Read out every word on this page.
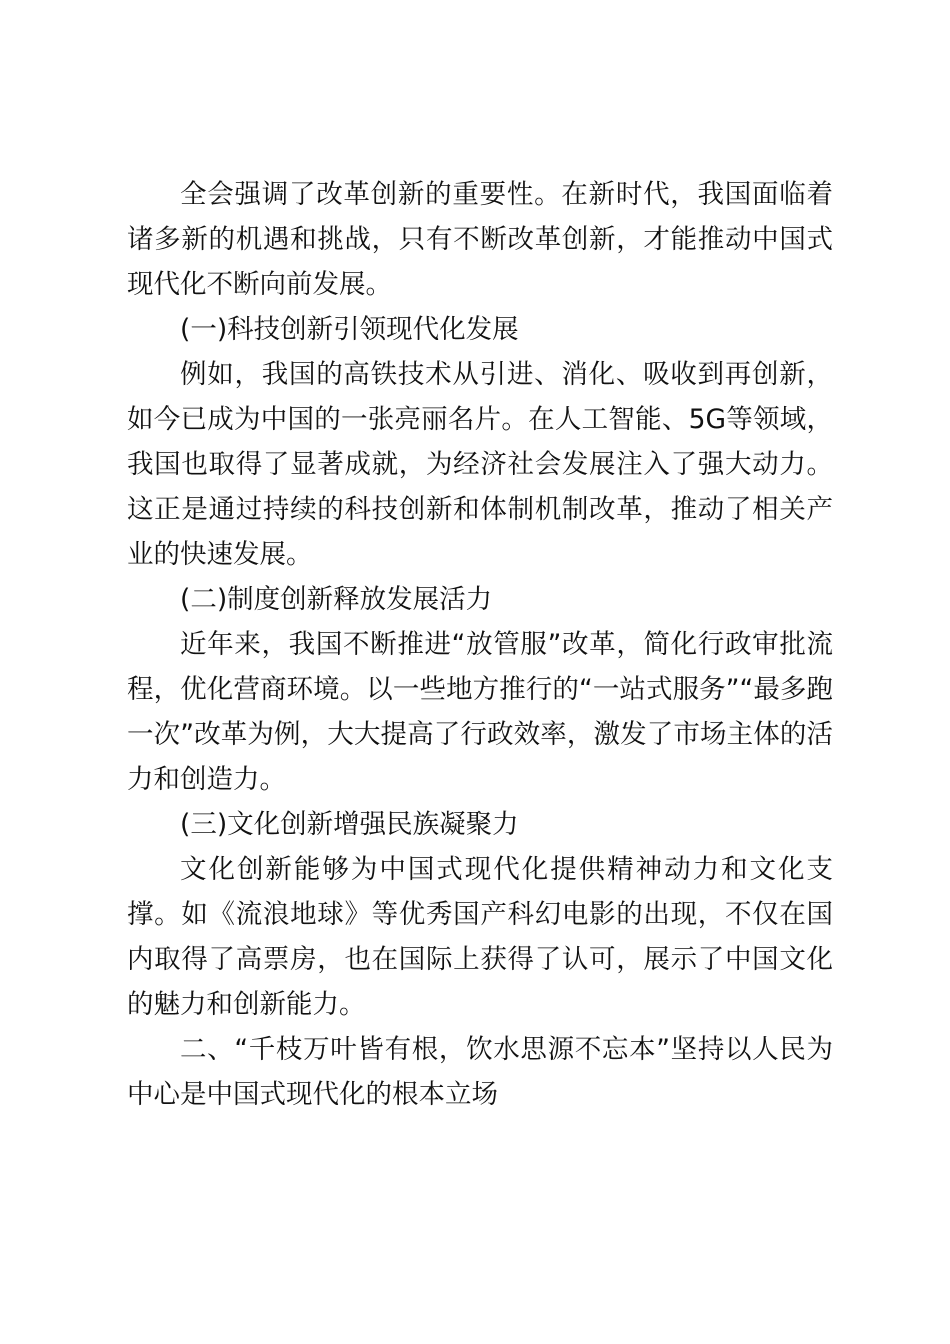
全会强调了改革创新的重要性。在新时代，我国面临着诸多新的机遇和挑战，只有不断改革创新，才能推动中国式现代化不断向前发展。

(一)科技创新引领现代化发展

例如，我国的高铁技术从引进、消化、吸收到再创新，如今已成为中国的一张亮丽名片。在人工智能、5G等领域，我国也取得了显著成就，为经济社会发展注入了强大动力。这正是通过持续的科技创新和体制机制改革，推动了相关产业的快速发展。

(二)制度创新释放发展活力

近年来，我国不断推进“放管服”改革，简化行政审批流程，优化营商环境。以一些地方推行的“一站式服务”“最多跑一次”改革为例，大大提高了行政效率，激发了市场主体的活力和创造力。

(三)文化创新增强民族凝聚力

文化创新能够为中国式现代化提供精神动力和文化支撑。如《流浪地球》等优秀国产科幻电影的出现，不仅在国内取得了高票房，也在国际上获得了认可，展示了中国文化的魅力和创新能力。

二、“千枝万叶皆有根，饮水思源不忘本”坚持以人民为中心是中国式现代化的根本立场
